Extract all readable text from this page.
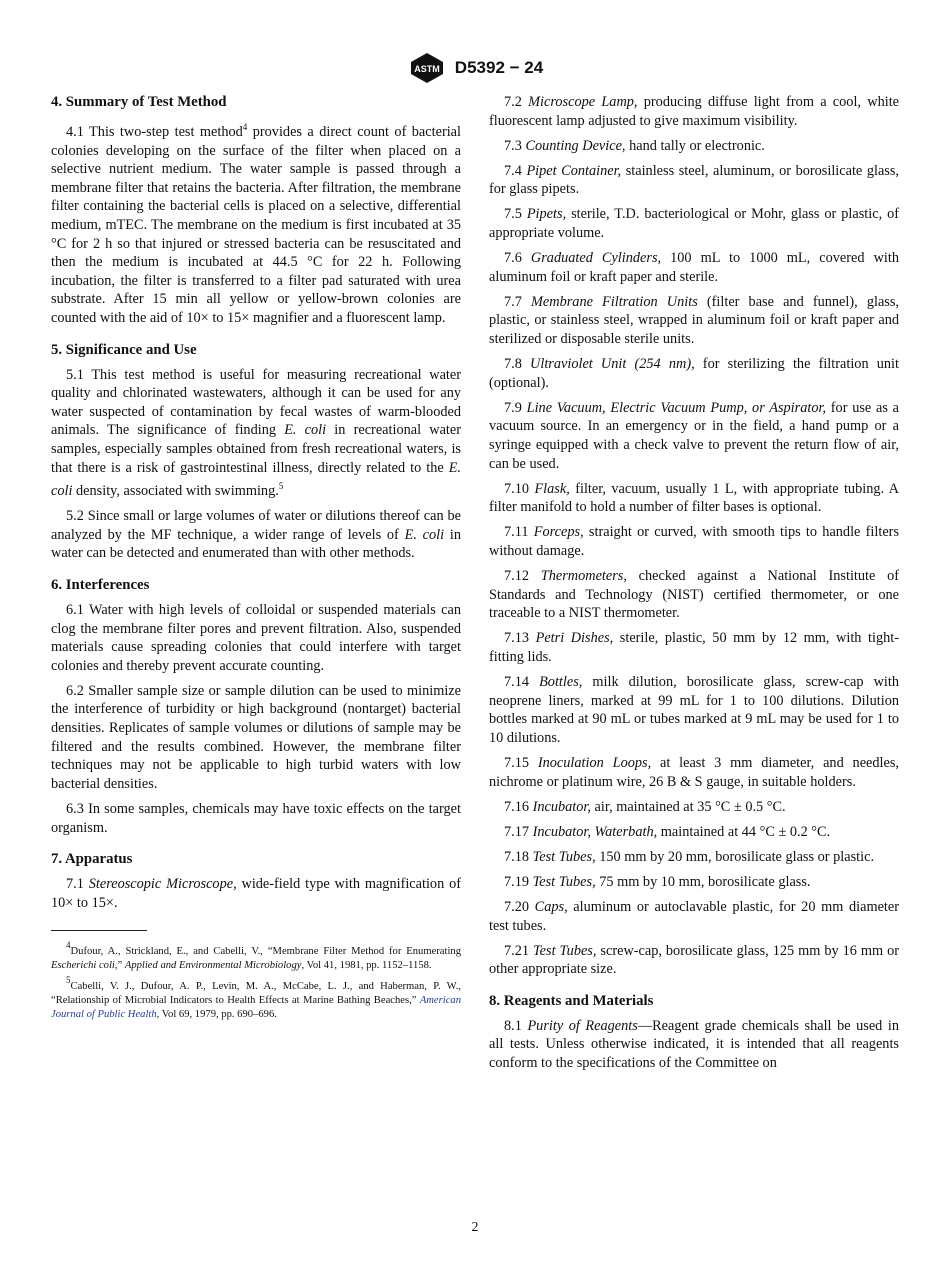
ASTM D5392 − 24
4. Summary of Test Method

4.1 This two-step test method$^4$ provides a direct count of bacterial colonies developing on the surface of the filter when placed on a selective nutrient medium. The water sample is passed through a membrane filter that retains the bacteria. After filtration, the membrane filter containing the bacterial cells is placed on a selective, differential medium, mTEC. The membrane on the medium is first incubated at 35 °C for 2 h so that injured or stressed bacteria can be resuscitated and then the medium is incubated at 44.5 °C for 22 h. Following incubation, the filter is transferred to a filter pad saturated with urea substrate. After 15 min all yellow or yellow-brown colonies are counted with the aid of 10× to 15× magnifier and a fluorescent lamp.

5. Significance and Use

5.1 This test method is useful for measuring recreational water quality and chlorinated wastewaters, although it can be used for any water suspected of contamination by fecal wastes of warm-blooded animals. The significance of finding E. coli in recreational water samples, especially samples obtained from fresh recreational waters, is that there is a risk of gastrointestinal illness, directly related to the E. coli density, associated with swimming.$^5$

5.2 Since small or large volumes of water or dilutions thereof can be analyzed by the MF technique, a wider range of levels of E. coli in water can be detected and enumerated than with other methods.

6. Interferences

6.1 Water with high levels of colloidal or suspended materials can clog the membrane filter pores and prevent filtration. Also, suspended materials cause spreading colonies that could interfere with target colonies and thereby prevent accurate counting.

6.2 Smaller sample size or sample dilution can be used to minimize the interference of turbidity or high background (nontarget) bacterial densities. Replicates of sample volumes or dilutions of sample may be filtered and the results combined. However, the membrane filter techniques may not be applicable to high turbid waters with low bacterial densities.

6.3 In some samples, chemicals may have toxic effects on the target organism.

7. Apparatus

7.1 Stereoscopic Microscope, wide-field type with magnification of 10× to 15×.

$^4$Dufour, A., Strickland, E., and Cabelli, V., “Membrane Filter Method for Enumerating Escherichi coli,” Applied and Environmental Microbiology, Vol 41, 1981, pp. 1152–1158.
$^5$Cabelli, V. J., Dufour, A. P., Levin, M. A., McCabe, L. J., and Haberman, P. W., “Relationship of Microbial Indicators to Health Effects at Marine Bathing Beaches,” American Journal of Public Health, Vol 69, 1979, pp. 690–696.

7.2 Microscope Lamp, producing diffuse light from a cool, white fluorescent lamp adjusted to give maximum visibility.

7.3 Counting Device, hand tally or electronic.

7.4 Pipet Container, stainless steel, aluminum, or borosilicate glass, for glass pipets.

7.5 Pipets, sterile, T.D. bacteriological or Mohr, glass or plastic, of appropriate volume.

7.6 Graduated Cylinders, 100 mL to 1000 mL, covered with aluminum foil or kraft paper and sterile.

7.7 Membrane Filtration Units (filter base and funnel), glass, plastic, or stainless steel, wrapped in aluminum foil or kraft paper and sterilized or disposable sterile units.

7.8 Ultraviolet Unit (254 nm), for sterilizing the filtration unit (optional).

7.9 Line Vacuum, Electric Vacuum Pump, or Aspirator, for use as a vacuum source. In an emergency or in the field, a hand pump or a syringe equipped with a check valve to prevent the return flow of air, can be used.

7.10 Flask, filter, vacuum, usually 1 L, with appropriate tubing. A filter manifold to hold a number of filter bases is optional.

7.11 Forceps, straight or curved, with smooth tips to handle filters without damage.

7.12 Thermometers, checked against a National Institute of Standards and Technology (NIST) certified thermometer, or one traceable to a NIST thermometer.

7.13 Petri Dishes, sterile, plastic, 50 mm by 12 mm, with tight-fitting lids.

7.14 Bottles, milk dilution, borosilicate glass, screw-cap with neoprene liners, marked at 99 mL for 1 to 100 dilutions. Dilution bottles marked at 90 mL or tubes marked at 9 mL may be used for 1 to 10 dilutions.

7.15 Inoculation Loops, at least 3 mm diameter, and needles, nichrome or platinum wire, 26 B & S gauge, in suitable holders.

7.16 Incubator, air, maintained at 35 °C ± 0.5 °C.

7.17 Incubator, Waterbath, maintained at 44 °C ± 0.2 °C.

7.18 Test Tubes, 150 mm by 20 mm, borosilicate glass or plastic.

7.19 Test Tubes, 75 mm by 10 mm, borosilicate glass.

7.20 Caps, aluminum or autoclavable plastic, for 20 mm diameter test tubes.

7.21 Test Tubes, screw-cap, borosilicate glass, 125 mm by 16 mm or other appropriate size.

8. Reagents and Materials

8.1 Purity of Reagents—Reagent grade chemicals shall be used in all tests. Unless otherwise indicated, it is intended that all reagents conform to the specifications of the Committee on

2
